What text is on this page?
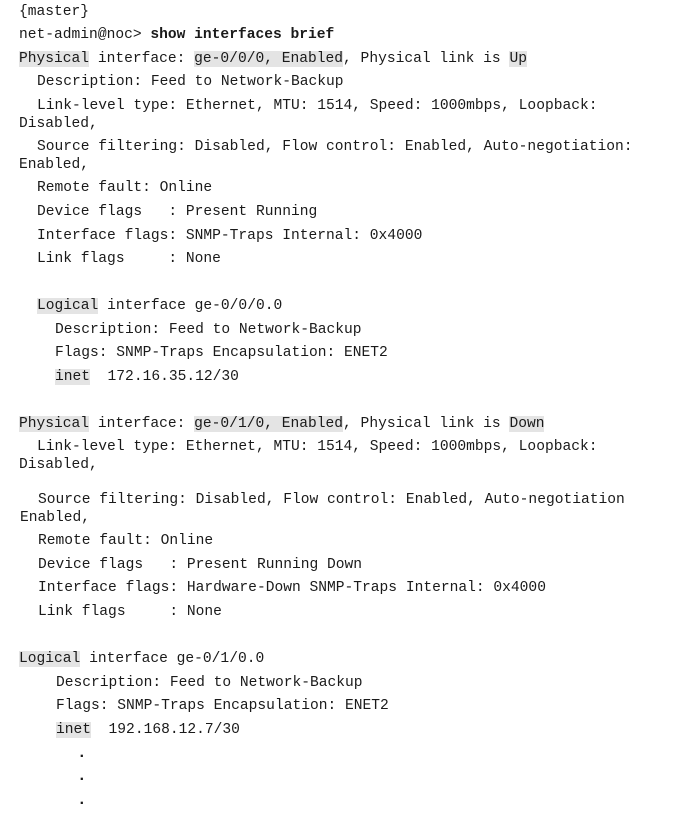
{master}
net-admin@noc> show interfaces brief
Physical interface: ge-0/0/0, Enabled, Physical link is Up
Description: Feed to Network-Backup
Link-level type: Ethernet, MTU: 1514, Speed: 1000mbps, Loopback:
Disabled,
Source filtering: Disabled, Flow control: Enabled, Auto-negotiation:
Enabled,
Remote fault: Online
Device flags   : Present Running
Interface flags: SNMP-Traps Internal: 0x4000
Link flags     : None
Logical interface ge-0/0/0.0
Description: Feed to Network-Backup
Flags: SNMP-Traps Encapsulation: ENET2
inet  172.16.35.12/30
Physical interface: ge-0/1/0, Enabled, Physical link is Down
Link-level type: Ethernet, MTU: 1514, Speed: 1000mbps, Loopback:
Disabled,
Source filtering: Disabled, Flow control: Enabled, Auto-negotiation
Enabled,
Remote fault: Online
Device flags   : Present Running Down
Interface flags: Hardware-Down SNMP-Traps Internal: 0x4000
Link flags     : None
Logical interface ge-0/1/0.0
Description: Feed to Network-Backup
Flags: SNMP-Traps Encapsulation: ENET2
inet  192.168.12.7/30
·
·
·
